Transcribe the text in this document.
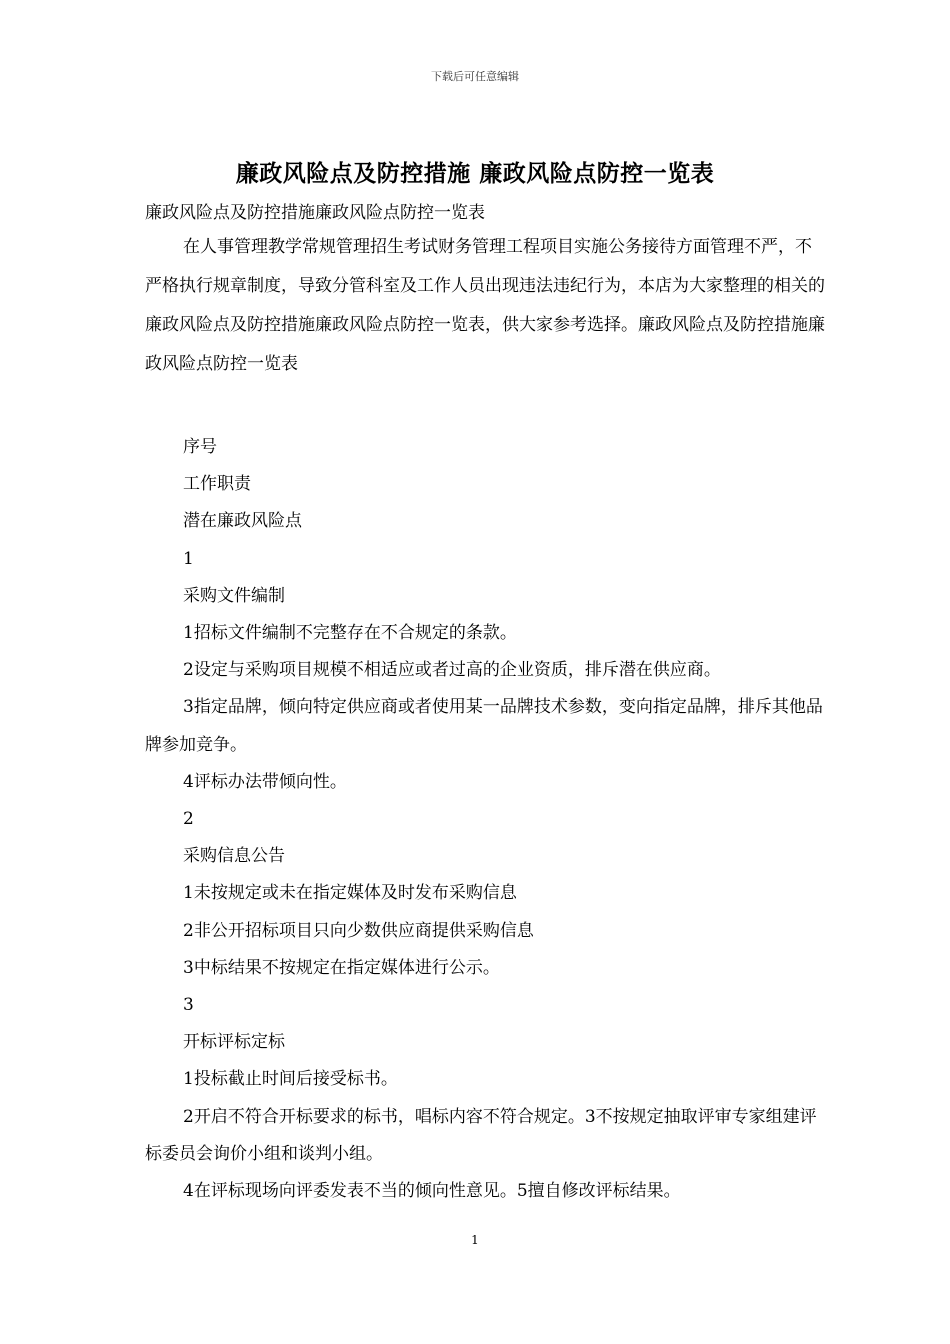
下载后可任意编辑
廉政风险点及防控措施 廉政风险点防控一览表

廉政风险点及防控措施廉政风险点防控一览表

在人事管理教学常规管理招生考试财务管理工程项目实施公务接待方面管理不严，不严格执行规章制度，导致分管科室及工作人员出现违法违纪行为，本店为大家整理的相关的廉政风险点及防控措施廉政风险点防控一览表，供大家参考选择。廉政风险点及防控措施廉政风险点防控一览表

序号

工作职责

潜在廉政风险点

1

采购文件编制

1招标文件编制不完整存在不合规定的条款。

2设定与采购项目规模不相适应或者过高的企业资质，排斥潜在供应商。

3指定品牌，倾向特定供应商或者使用某一品牌技术参数，变向指定品牌，排斥其他品牌参加竞争。

4评标办法带倾向性。

2

采购信息公告

1未按规定或未在指定媒体及时发布采购信息

2非公开招标项目只向少数供应商提供采购信息

3中标结果不按规定在指定媒体进行公示。

3

开标评标定标

1投标截止时间后接受标书。

2开启不符合开标要求的标书，唱标内容不符合规定。3不按规定抽取评审专家组建评标委员会询价小组和谈判小组。

4在评标现场向评委发表不当的倾向性意见。5擅自修改评标结果。

1
